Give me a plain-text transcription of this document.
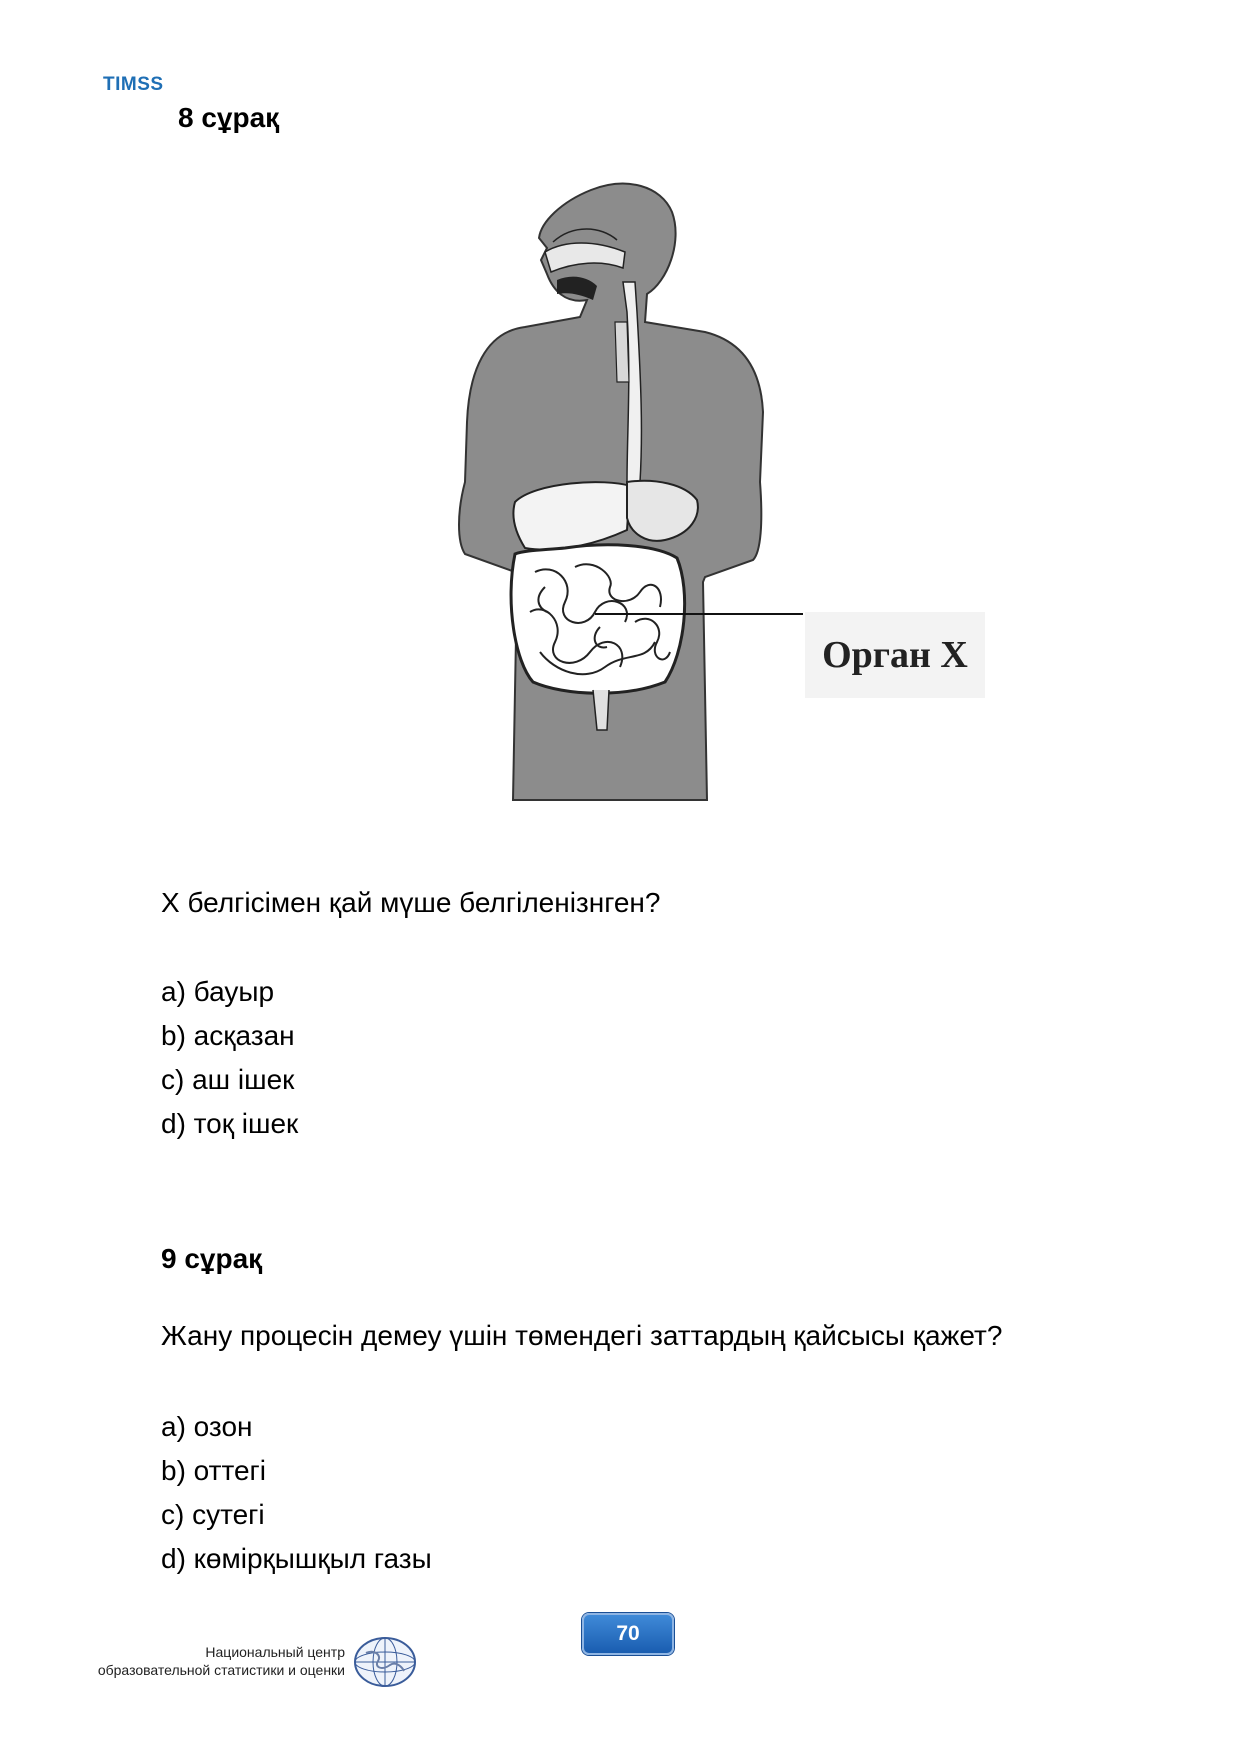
TIMSS
8 сұрақ
Орган X
X белгісімен қай мүше белгіленізнген?
a) бауыр
b) асқазан
c) аш ішек
d) тоқ ішек
9 сұрақ
Жану процесін демеу үшін төмендегі заттардың қайсысы қажет?
a) озон
b) оттегі
c) сутегі
d) көмірқышқыл газы
70
Национальный центр
образовательной статистики и оценки
